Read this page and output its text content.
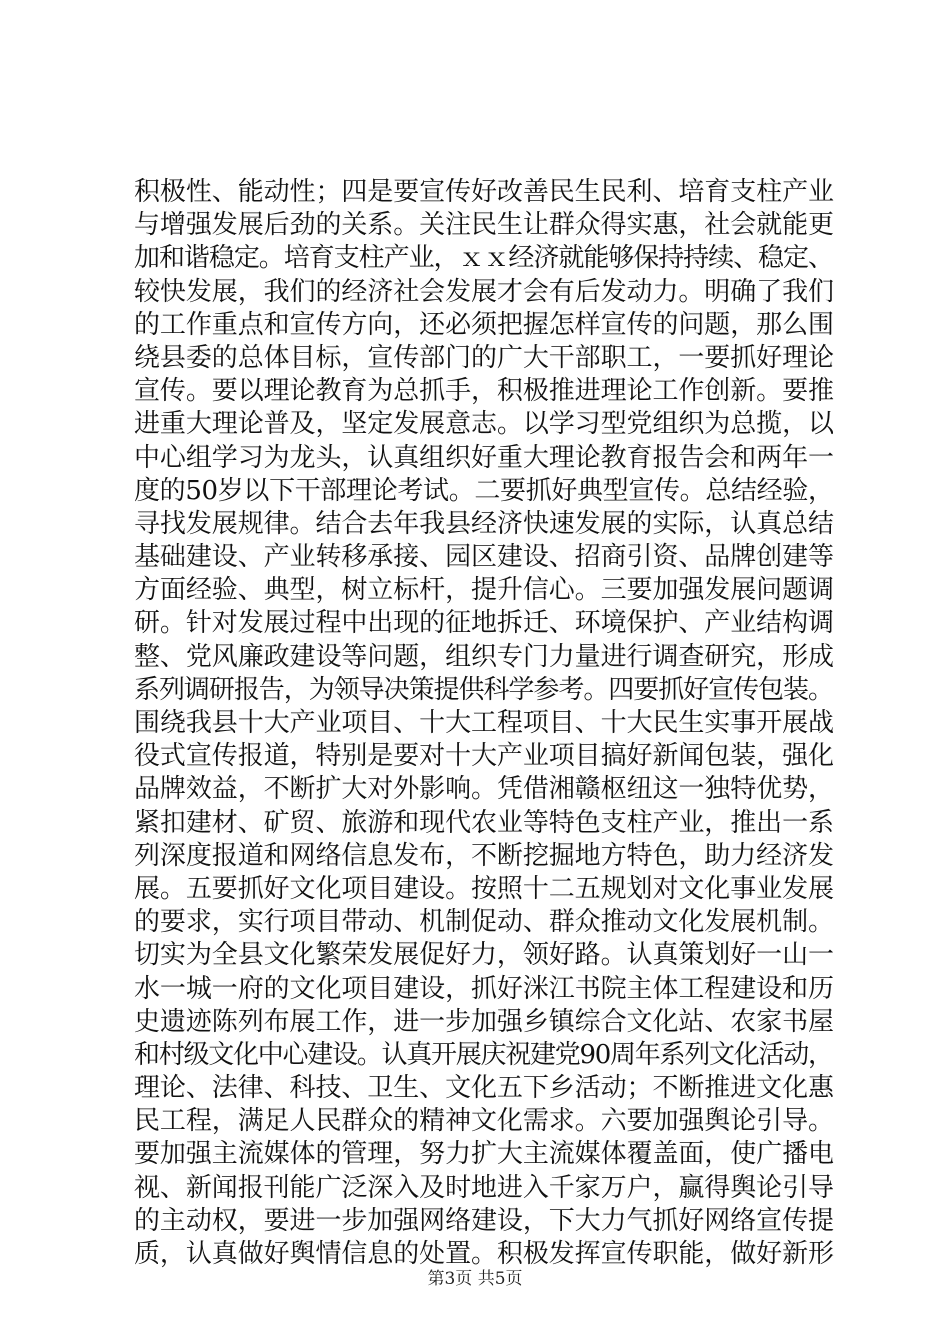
积极性、能动性；四是要宣传好改善民生民利、培育支柱产业
与增强发展后劲的关系。关注民生让群众得实惠，社会就能更
加和谐稳定。培育支柱产业，ｘｘ经济就能够保持持续、稳定、
较快发展，我们的经济社会发展才会有后发动力。明确了我们
的工作重点和宣传方向，还必须把握怎样宣传的问题，那么围
绕县委的总体目标，宣传部门的广大干部职工，一要抓好理论
宣传。要以理论教育为总抓手，积极推进理论工作创新。要推
进重大理论普及，坚定发展意志。以学习型党组织为总揽，以
中心组学习为龙头，认真组织好重大理论教育报告会和两年一
度的50岁以下干部理论考试。二要抓好典型宣传。总结经验，
寻找发展规律。结合去年我县经济快速发展的实际，认真总结
基础建设、产业转移承接、园区建设、招商引资、品牌创建等
方面经验、典型，树立标杆，提升信心。三要加强发展问题调
研。针对发展过程中出现的征地拆迁、环境保护、产业结构调
整、党风廉政建设等问题，组织专门力量进行调查研究，形成
系列调研报告，为领导决策提供科学参考。四要抓好宣传包装。
围绕我县十大产业项目、十大工程项目、十大民生实事开展战
役式宣传报道，特别是要对十大产业项目搞好新闻包装，强化
品牌效益，不断扩大对外影响。凭借湘赣枢纽这一独特优势，
紧扣建材、矿贸、旅游和现代农业等特色支柱产业，推出一系
列深度报道和网络信息发布，不断挖掘地方特色，助力经济发
展。五要抓好文化项目建设。按照十二五规划对文化事业发展
的要求，实行项目带动、机制促动、群众推动文化发展机制。
切实为全县文化繁荣发展促好力，领好路。认真策划好一山一
水一城一府的文化项目建设，抓好洣江书院主体工程建设和历
史遗迹陈列布展工作，进一步加强乡镇综合文化站、农家书屋
和村级文化中心建设。认真开展庆祝建党90周年系列文化活动，
理论、法律、科技、卫生、文化五下乡活动；不断推进文化惠
民工程，满足人民群众的精神文化需求。六要加强舆论引导。
要加强主流媒体的管理，努力扩大主流媒体覆盖面，使广播电
视、新闻报刊能广泛深入及时地进入千家万户，赢得舆论引导
的主动权，要进一步加强网络建设，下大力气抓好网络宣传提
质，认真做好舆情信息的处置。积极发挥宣传职能，做好新形
第3页 共5页
